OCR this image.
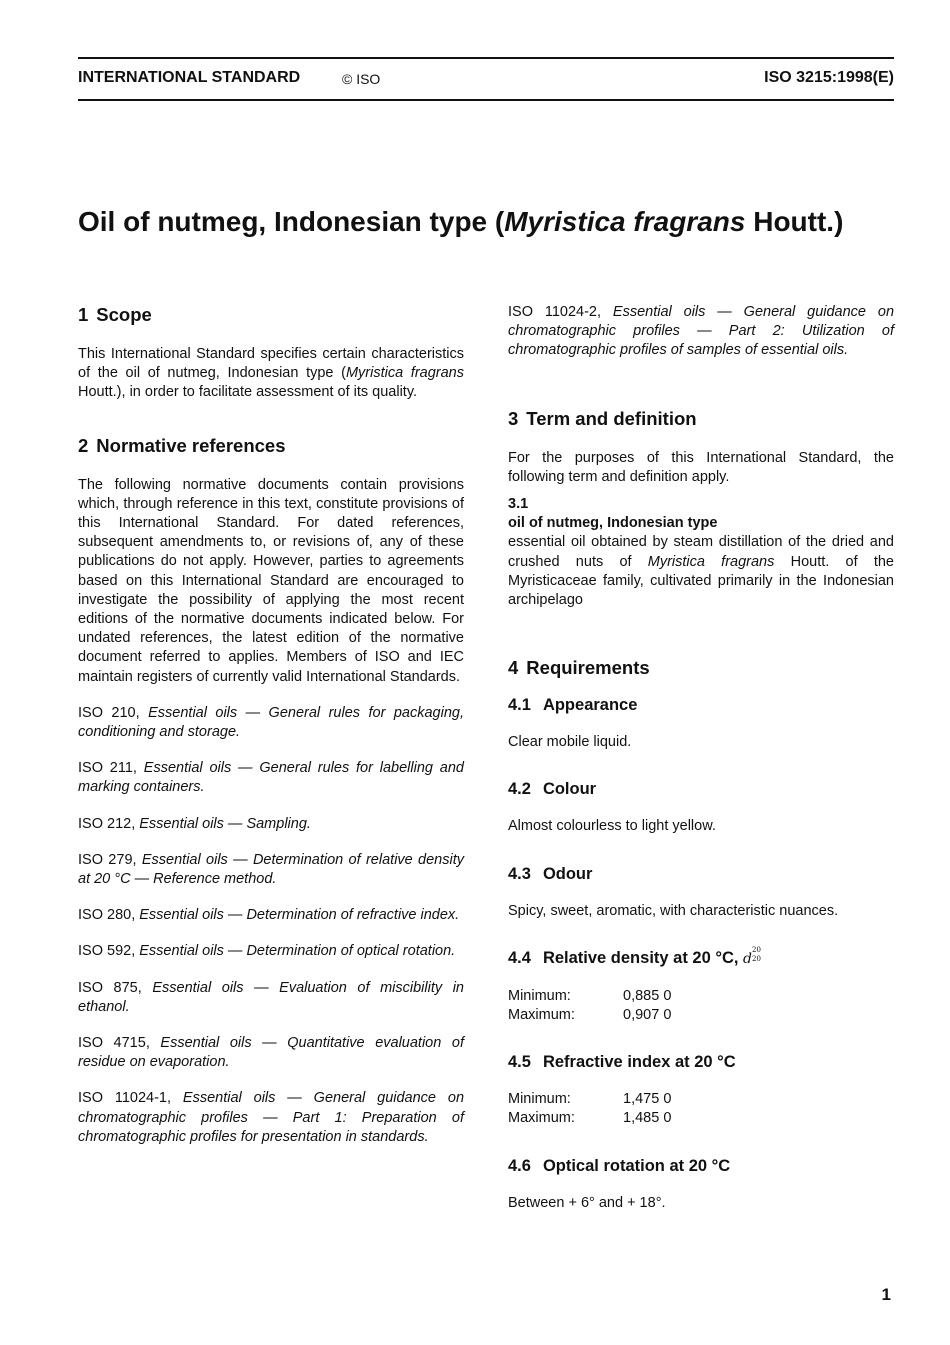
INTERNATIONAL STANDARD	© ISO	ISO 3215:1998(E)
Oil of nutmeg, Indonesian type (Myristica fragrans Houtt.)
1 Scope

This International Standard specifies certain characteristics of the oil of nutmeg, Indonesian type (Myristica fragrans Houtt.), in order to facilitate assessment of its quality.

2 Normative references

The following normative documents contain provisions which, through reference in this text, constitute provisions of this International Standard. For dated references, subsequent amendments to, or revisions of, any of these publications do not apply. However, parties to agreements based on this International Standard are encouraged to investigate the possibility of applying the most recent editions of the normative documents indicated below. For undated references, the latest edition of the normative document referred to applies. Members of ISO and IEC maintain registers of currently valid International Standards.

ISO 210, Essential oils — General rules for packaging, conditioning and storage.

ISO 211, Essential oils — General rules for labelling and marking containers.

ISO 212, Essential oils — Sampling.

ISO 279, Essential oils — Determination of relative density at 20 °C — Reference method.

ISO 280, Essential oils — Determination of refractive index.

ISO 592, Essential oils — Determination of optical rotation.

ISO 875, Essential oils — Evaluation of miscibility in ethanol.

ISO 4715, Essential oils — Quantitative evaluation of residue on evaporation.

ISO 11024-1, Essential oils — General guidance on chromatographic profiles — Part 1: Preparation of chromatographic profiles for presentation in standards.

ISO 11024-2, Essential oils — General guidance on chromatographic profiles — Part 2: Utilization of chromatographic profiles of samples of essential oils.

3 Term and definition

For the purposes of this International Standard, the following term and definition apply.

3.1
oil of nutmeg, Indonesian type

essential oil obtained by steam distillation of the dried and crushed nuts of Myristica fragrans Houtt. of the Myristicaceae family, cultivated primarily in the Indonesian archipelago

4 Requirements
4.1 Appearance

Clear mobile liquid.

4.2 Colour

Almost colourless to light yellow.

4.3 Odour

Spicy, sweet, aromatic, with characteristic nuances.

4.4 Relative density at 20 °C, d
20
20
Minimum:	0,885 0
Maximum:	0,907 0
4.5 Refractive index at 20 °C
Minimum:	1,475 0
Maximum:	1,485 0
4.6 Optical rotation at 20 °C

Between + 6° and + 18°.

1
